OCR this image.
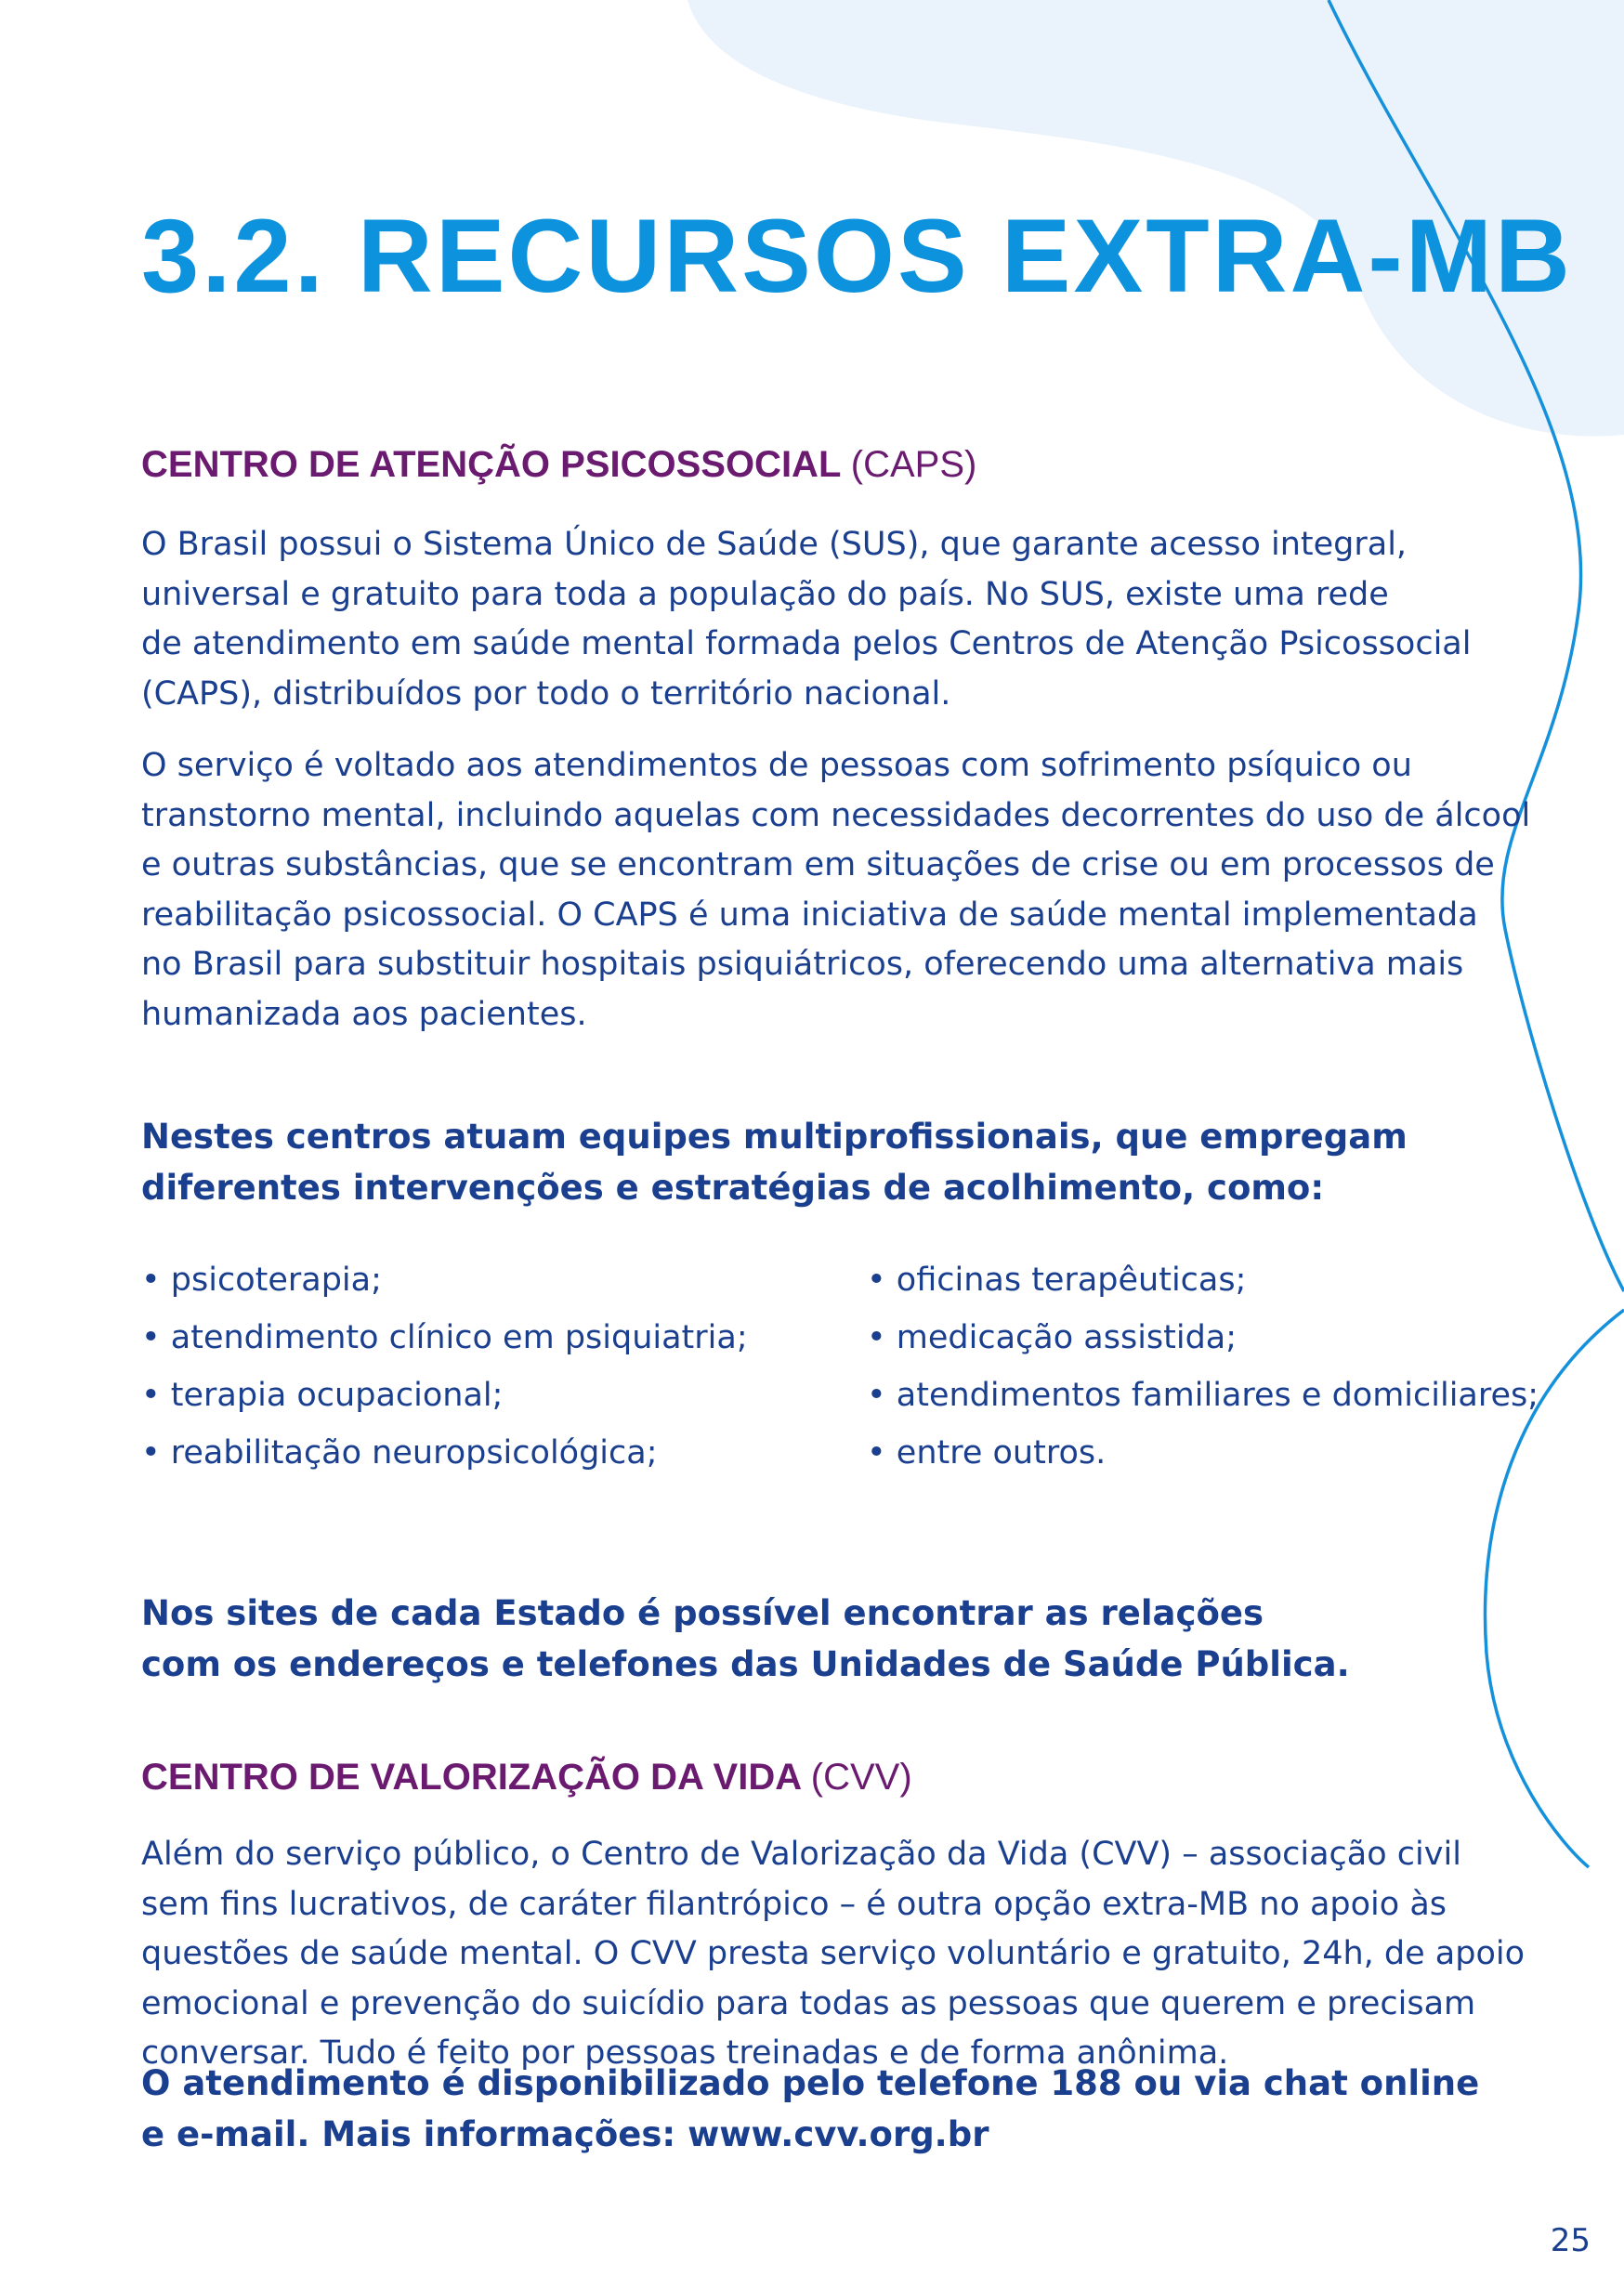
3.2. RECURSOS EXTRA-MB
CENTRO DE ATENÇÃO PSICOSSOCIAL (CAPS)

O Brasil possui o Sistema Único de Saúde (SUS), que garante acesso integral,
universal e gratuito para toda a população do país. No SUS, existe uma rede
de atendimento em saúde mental formada pelos Centros de Atenção Psicossocial
(CAPS), distribuídos por todo o território nacional.

O serviço é voltado aos atendimentos de pessoas com sofrimento psíquico ou
transtorno mental, incluindo aquelas com necessidades decorrentes do uso de álcool
e outras substâncias, que se encontram em situações de crise ou em processos de
reabilitação psicossocial. O CAPS é uma iniciativa de saúde mental implementada
no Brasil para substituir hospitais psiquiátricos, oferecendo uma alternativa mais
humanizada aos pacientes.

Nestes centros atuam equipes multiprofissionais, que empregam
diferentes intervenções e estratégias de acolhimento, como:

• psicoterapia;
• atendimento clínico em psiquiatria;
• terapia ocupacional;
• reabilitação neuropsicológica;
• oficinas terapêuticas;
• medicação assistida;
• atendimentos familiares e domiciliares;
• entre outros.

Nos sites de cada Estado é possível encontrar as relações
com os endereços e telefones das Unidades de Saúde Pública.

CENTRO DE VALORIZAÇÃO DA VIDA (CVV)

Além do serviço público, o Centro de Valorização da Vida (CVV) – associação civil
sem fins lucrativos, de caráter filantrópico – é outra opção extra-MB no apoio às
questões de saúde mental. O CVV presta serviço voluntário e gratuito, 24h, de apoio
emocional e prevenção do suicídio para todas as pessoas que querem e precisam
conversar. Tudo é feito por pessoas treinadas e de forma anônima.

O atendimento é disponibilizado pelo telefone 188 ou via chat online
e e-mail. Mais informações: www.cvv.org.br

25
